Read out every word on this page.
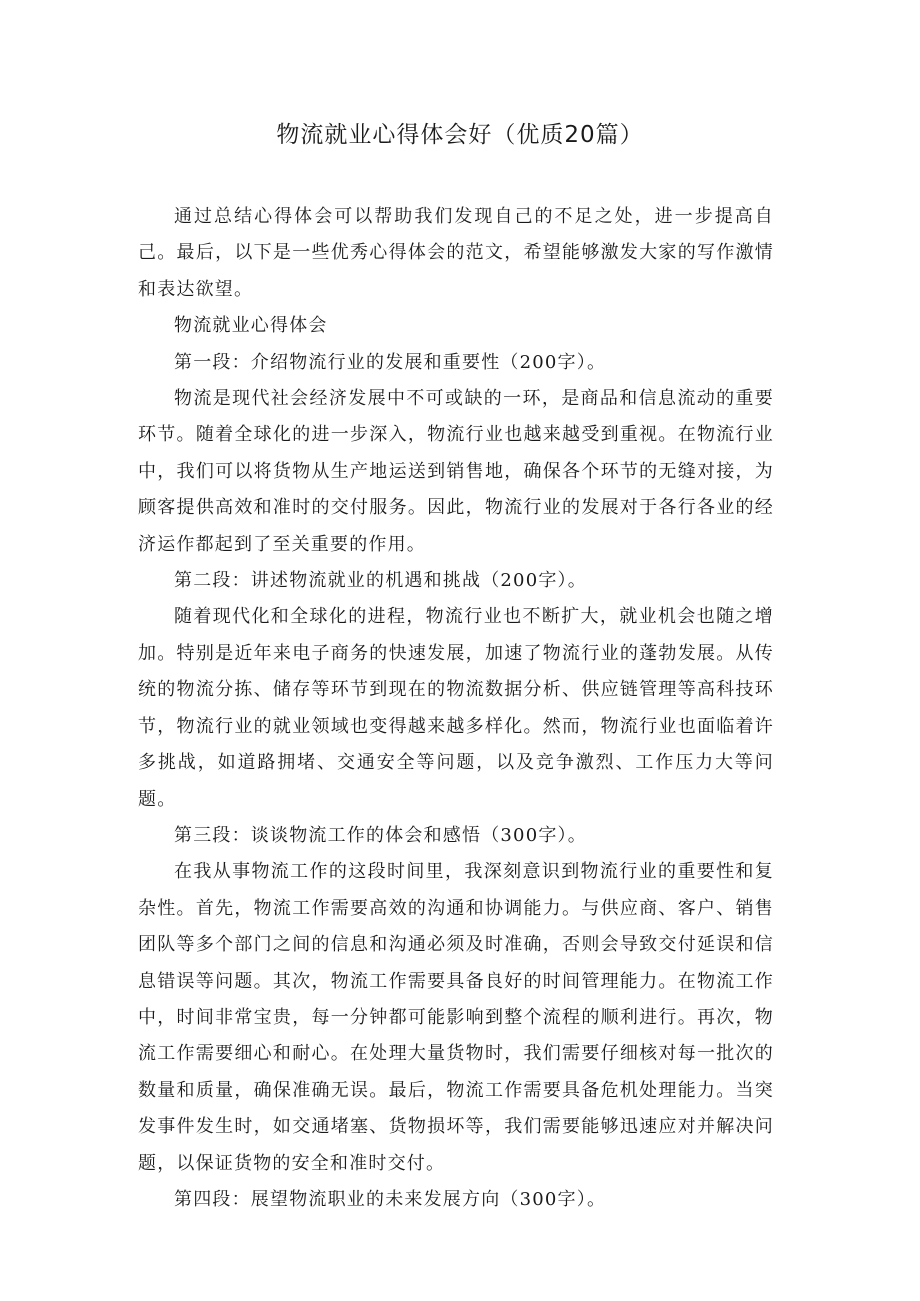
物流就业心得体会好（优质20篇）

通过总结心得体会可以帮助我们发现自己的不足之处，进一步提高自己。最后，以下是一些优秀心得体会的范文，希望能够激发大家的写作激情和表达欲望。

物流就业心得体会

第一段：介绍物流行业的发展和重要性（200字）。

物流是现代社会经济发展中不可或缺的一环，是商品和信息流动的重要环节。随着全球化的进一步深入，物流行业也越来越受到重视。在物流行业中，我们可以将货物从生产地运送到销售地，确保各个环节的无缝对接，为顾客提供高效和准时的交付服务。因此，物流行业的发展对于各行各业的经济运作都起到了至关重要的作用。

第二段：讲述物流就业的机遇和挑战（200字）。

随着现代化和全球化的进程，物流行业也不断扩大，就业机会也随之增加。特别是近年来电子商务的快速发展，加速了物流行业的蓬勃发展。从传统的物流分拣、储存等环节到现在的物流数据分析、供应链管理等高科技环节，物流行业的就业领域也变得越来越多样化。然而，物流行业也面临着许多挑战，如道路拥堵、交通安全等问题，以及竞争激烈、工作压力大等问题。

第三段：谈谈物流工作的体会和感悟（300字）。

在我从事物流工作的这段时间里，我深刻意识到物流行业的重要性和复杂性。首先，物流工作需要高效的沟通和协调能力。与供应商、客户、销售团队等多个部门之间的信息和沟通必须及时准确，否则会导致交付延误和信息错误等问题。其次，物流工作需要具备良好的时间管理能力。在物流工作中，时间非常宝贵，每一分钟都可能影响到整个流程的顺利进行。再次，物流工作需要细心和耐心。在处理大量货物时，我们需要仔细核对每一批次的数量和质量，确保准确无误。最后，物流工作需要具备危机处理能力。当突发事件发生时，如交通堵塞、货物损坏等，我们需要能够迅速应对并解决问题，以保证货物的安全和准时交付。

第四段：展望物流职业的未来发展方向（300字）。
